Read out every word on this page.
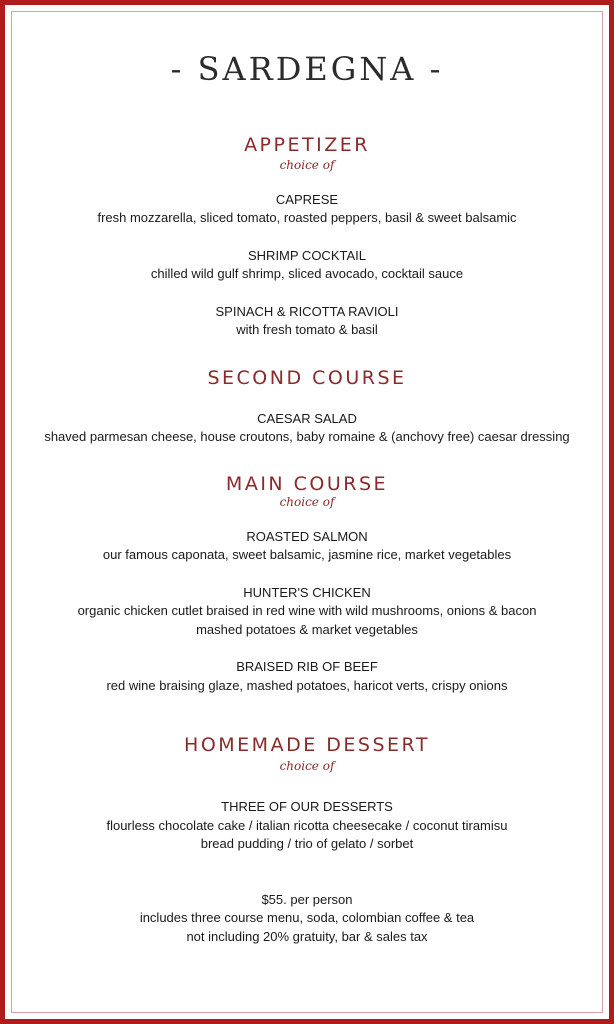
- SARDEGNA -
APPETIZER
choice of
CAPRESE
fresh mozzarella, sliced tomato, roasted peppers, basil & sweet balsamic
SHRIMP COCKTAIL
chilled wild gulf shrimp, sliced avocado, cocktail sauce
SPINACH & RICOTTA RAVIOLI
with fresh tomato & basil
SECOND COURSE
CAESAR SALAD
shaved parmesan cheese, house croutons, baby romaine & (anchovy free) caesar dressing
MAIN COURSE
choice of
ROASTED SALMON
our famous caponata, sweet balsamic, jasmine rice, market vegetables
HUNTER'S CHICKEN
organic chicken cutlet braised in red wine with wild mushrooms, onions & bacon
mashed potatoes & market vegetables
BRAISED RIB OF BEEF
red wine braising glaze, mashed potatoes, haricot verts, crispy onions
HOMEMADE DESSERT
choice of
THREE OF OUR DESSERTS
flourless chocolate cake / italian ricotta cheesecake / coconut tiramisu
bread pudding / trio of gelato / sorbet
$55. per person
includes three course menu, soda, colombian coffee & tea
not including 20% gratuity, bar & sales tax
